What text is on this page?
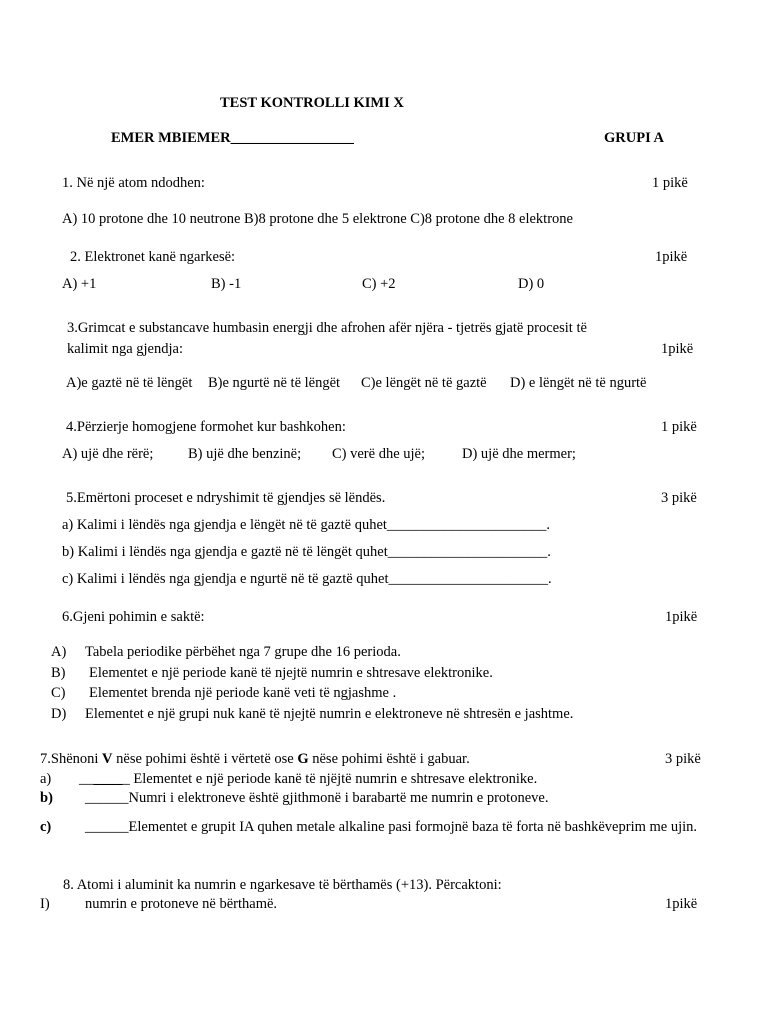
TEST KONTROLLI KIMI X
EMER MBIEMER_________________	GRUPI A
1. Në një atom ndodhen:	1 pikë
A) 10 protone dhe 10 neutrone B)8 protone dhe 5 elektrone C)8 protone dhe 8 elektrone
2. Elektronet kanë ngarkesë:	1pikë
A) +1	B) -1	C) +2	D) 0
3.Grimcat e substancave humbasin energji dhe afrohen afër njëra - tjetrës gjatë procesit të
kalimit nga gjendja:	1pikë
A)e gaztë në të lëngët B)e ngurtë në të lëngët C)e lëngët në të gaztë D) e lëngët në të ngurtë
4.Përzierje homogjene formohet kur bashkohen:	1 pikë
A) ujë dhe rërë; B) ujë dhe benzinë; C) verë dhe ujë;	D) ujë dhe mermer;
5.Emërtoni proceset e ndryshimit të gjendjes së lëndës.	3 pikë
a) Kalimi i lëndës nga gjendja e lëngët në të gaztë quhet______________________.
b) Kalimi i lëndës nga gjendja e gaztë në të lëngët quhet______________________.
c) Kalimi i lëndës nga gjendja e ngurtë në të gaztë quhet______________________.
6.Gjeni pohimin e saktë:	1pikë
A) Tabela periodike përbëhet nga 7 grupe dhe 16 perioda.
B) Elementet e një periode kanë të njejtë numrin e shtresave elektronike.
C) Elementet brenda një periode kanë veti të ngjashme .
D) Elementet e një grupi nuk kanë të njejtë numrin e elektroneve në shtresën e jashtme.
7.Shënoni V nëse pohimi është i vërtetë ose G nëse pohimi është i gabuar.	3 pikë
a) _______ Elementet e një periode kanë të njëjtë numrin e shtresave elektronike.
b) ______Numri i elektroneve është gjithmonë i barabartë me numrin e protoneve.
c) ______Elementet e grupit IA quhen metale alkaline pasi formojnë baza të forta në bashkëveprim me ujin.
8. Atomi i aluminit ka numrin e ngarkesave të bërthamës (+13). Përcaktoni:
I) numrin e protoneve në bërthamë.	1pikë
